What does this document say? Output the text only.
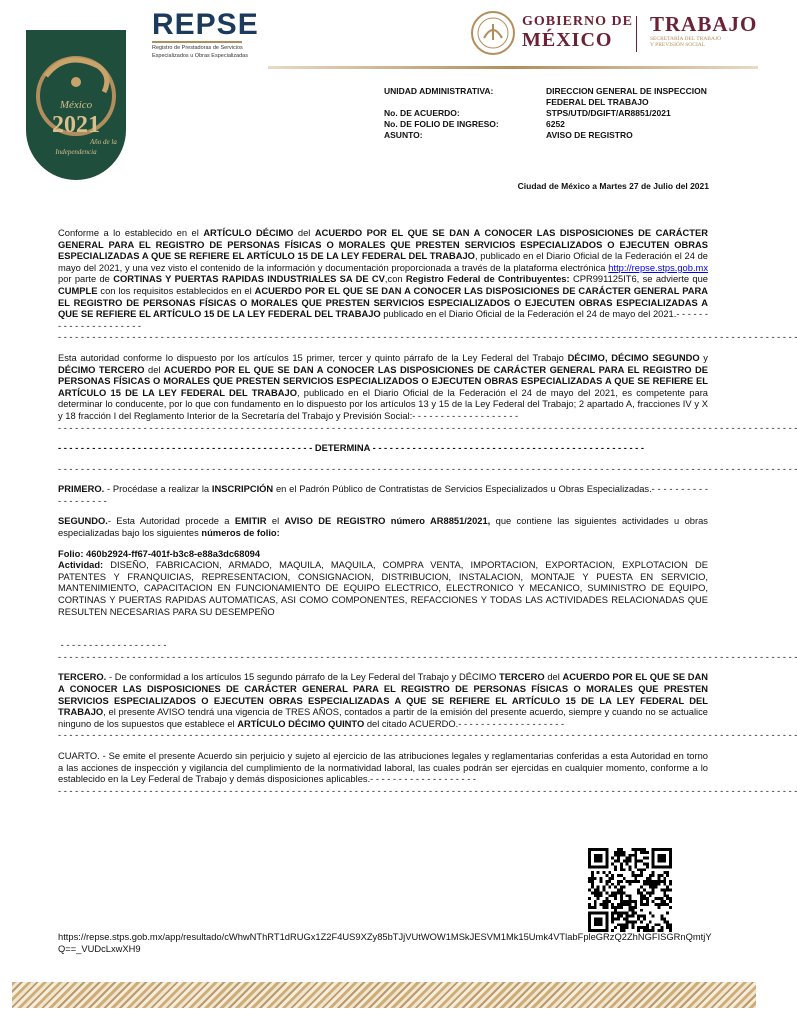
México
2021
Año de la
Independencia
REPSE
Registro de Prestadoras de Servicios
Especializados u Obras Especializadas
GOBIERNO DE
MÉXICO
TRABAJO
SECRETARÍA DEL TRABAJO
Y PREVISIÓN SOCIAL
UNIDAD ADMINISTRATIVA:	DIRECCION GENERAL DE INSPECCION FEDERAL DEL TRABAJO
No. DE ACUERDO:	STPS/UTD/DGIFT/AR8851/2021
No. DE FOLIO DE INGRESO:	6252
ASUNTO:	AVISO DE REGISTRO
Ciudad de México a Martes 27 de Julio del 2021

Conforme a lo establecido en el ARTÍCULO DÉCIMO del ACUERDO POR EL QUE SE DAN A CONOCER LAS DISPOSICIONES DE CARÁCTER GENERAL PARA EL REGISTRO DE PERSONAS FÍSICAS O MORALES QUE PRESTEN SERVICIOS ESPECIALIZADOS O EJECUTEN OBRAS ESPECIALIZADAS A QUE SE REFIERE EL ARTÍCULO 15 DE LA LEY FEDERAL DEL TRABAJO, publicado en el Diario Oficial de la Federación el 24 de mayo del 2021, y una vez visto el contenido de la información y documentación proporcionada a través de la plataforma electrónica http://repse.stps.gob.mx por parte de CORTINAS Y PUERTAS RAPIDAS INDUSTRIALES SA DE CV,con Registro Federal de Contribuyentes: CPR991125IT6, se advierte que CUMPLE con los requisitos establecidos en el ACUERDO POR EL QUE SE DAN A CONOCER LAS DISPOSICIONES DE CARÁCTER GENERAL PARA EL REGISTRO DE PERSONAS FÍSICAS O MORALES QUE PRESTEN SERVICIOS ESPECIALIZADOS O EJECUTEN OBRAS ESPECIALIZADAS A QUE SE REFIERE EL ARTÍCULO 15 DE LA LEY FEDERAL DEL TRABAJO publicado en el Diario Oficial de la Federación el 24 de mayo del 2021.- - - - - - - - - - - - - - - - - - - - -

- - - - - - - - - - - - - - - - - - - - - - - - - - - - - - - - - - - - - - - - - - - - - - - - - - - - - - - - - - - - - - - - - - - - - - - - - - - - - - - - - - - - - - - - - - - - - - - - - - - - - - - - - - - - - - - - - - - - - - - - - - - - - - - - - -

Esta autoridad conforme lo dispuesto por los artículos 15 primer, tercer y quinto párrafo de la Ley Federal del Trabajo DÉCIMO, DÉCIMO SEGUNDO y DÉCIMO TERCERO del ACUERDO POR EL QUE SE DAN A CONOCER LAS DISPOSICIONES DE CARÁCTER GENERAL PARA EL REGISTRO DE PERSONAS FÍSICAS O MORALES QUE PRESTEN SERVICIOS ESPECIALIZADOS O EJECUTEN OBRAS ESPECIALIZADAS A QUE SE REFIERE EL ARTÍCULO 15 DE LA LEY FEDERAL DEL TRABAJO, publicado en el Diario Oficial de la Federación el 24 de mayo del 2021, es competente para determinar lo conducente, por lo que con fundamento en lo dispuesto por los artículos 13 y 15 de la Ley Federal del Trabajo; 2 apartado A, fracciones IV y X y 18 fracción I del Reglamento Interior de la Secretaría del Trabajo y Previsión Social:- - - - - - - - - - - - - - - - - - -

- - - - - - - - - - - - - - - - - - - - - - - - - - - - - - - - - - - - - - - - - - - - - - - - - - - - - - - - - - - - - - - - - - - - - - - - - - - - - - - - - - - - - - - - - - - - - - - - - - - - - - - - - - - - - - - - - - - - - - - - - - - - - - - - - -
- - - - - - - - - - - - - - - - - - - - - - - - - - - - - - - - - - - - - - - - - - - - - DETERMINA - - - - - - - - - - - - - - - - - - - - - - - - - - - - - - - - - - - - - - - - - - - - - - - -
- - - - - - - - - - - - - - - - - - - - - - - - - - - - - - - - - - - - - - - - - - - - - - - - - - - - - - - - - - - - - - - - - - - - - - - - - - - - - - - - - - - - - - - - - - - - - - - - - - - - - - - - - - - - - - - - - - - - - - - - - - - - - - - - - -

PRIMERO. - Procédase a realizar la INSCRIPCIÓN en el Padrón Público de Contratistas de Servicios Especializados u Obras Especializadas.- - - - - - - - - - - - - - - - - - -

SEGUNDO.- Esta Autoridad procede a EMITIR el AVISO DE REGISTRO número AR8851/2021, que contiene las siguientes actividades u obras especializadas bajo los siguientes números de folio:

Folio: 460b2924-ff67-401f-b3c8-e88a3dc68094

Actividad: DISEÑO, FABRICACION, ARMADO, MAQUILA, MAQUILA, COMPRA VENTA, IMPORTACION, EXPORTACION, EXPLOTACION DE PATENTES Y FRANQUICIAS, REPRESENTACION, CONSIGNACION, DISTRIBUCION, INSTALACION, MONTAJE Y PUESTA EN SERVICIO, MANTENIMIENTO, CAPACITACION EN FUNCIONAMIENTO DE EQUIPO ELECTRICO, ELECTRONICO Y MECANICO, SUMINISTRO DE EQUIPO, CORTINAS Y PUERTAS RAPIDAS AUTOMATICAS, ASI COMO COMPONENTES, REFACCIONES Y TODAS LAS ACTIVIDADES RELACIONADAS QUE RESULTEN NECESARIAS PARA SU DESEMPEÑO

- - - - - - - - - - - - - - - - - - -
- - - - - - - - - - - - - - - - - - - - - - - - - - - - - - - - - - - - - - - - - - - - - - - - - - - - - - - - - - - - - - - - - - - - - - - - - - - - - - - - - - - - - - - - - - - - - - - - - - - - - - - - - - - - - - - - - - - - - - - - - - - - - - - - - -

TERCERO. - De conformidad a los artículos 15 segundo párrafo de la Ley Federal del Trabajo y DÉCIMO TERCERO del ACUERDO POR EL QUE SE DAN A CONOCER LAS DISPOSICIONES DE CARÁCTER GENERAL PARA EL REGISTRO DE PERSONAS FÍSICAS O MORALES QUE PRESTEN SERVICIOS ESPECIALIZADOS O EJECUTEN OBRAS ESPECIALIZADAS A QUE SE REFIERE EL ARTÍCULO 15 DE LA LEY FEDERAL DEL TRABAJO, el presente AVISO tendrá una vigencia de TRES AÑOS, contados a partir de la emisión del presente acuerdo, siempre y cuando no se actualice ninguno de los supuestos que establece el ARTÍCULO DÉCIMO QUINTO del citado ACUERDO.- - - - - - - - - - - - - - - - - - -

- - - - - - - - - - - - - - - - - - - - - - - - - - - - - - - - - - - - - - - - - - - - - - - - - - - - - - - - - - - - - - - - - - - - - - - - - - - - - - - - - - - - - - - - - - - - - - - - - - - - - - - - - - - - - - - - - - - - - - - - - - - - - - - - - -

CUARTO. - Se emite el presente Acuerdo sin perjuicio y sujeto al ejercicio de las atribuciones legales y reglamentarias conferidas a esta Autoridad en torno a las acciones de inspección y vigilancia del cumplimiento de la normatividad laboral, las cuales podrán ser ejercidas en cualquier momento, conforme a lo establecido en la Ley Federal de Trabajo y demás disposiciones aplicables.- - - - - - - - - - - - - - - - - - -

- - - - - - - - - - - - - - - - - - - - - - - - - - - - - - - - - - - - - - - - - - - - - - - - - - - - - - - - - - - - - - - - - - - - - - - - - - - - - - - - - - - - - - - - - - - - - - - - - - - - - - - - - - - - - - - - - - - - - - - - - - - - - - - - - -
https://repse.stps.gob.mx/app/resultado/cWhwNThRT1dRUGx1Z2F4US9XZy85bTJjVUtWOW1MSkJESVM1Mk15Umk4VTlabFpleGRzQ2ZhNGFISGRnQmtjYQ==_VUDcLxwXH9
